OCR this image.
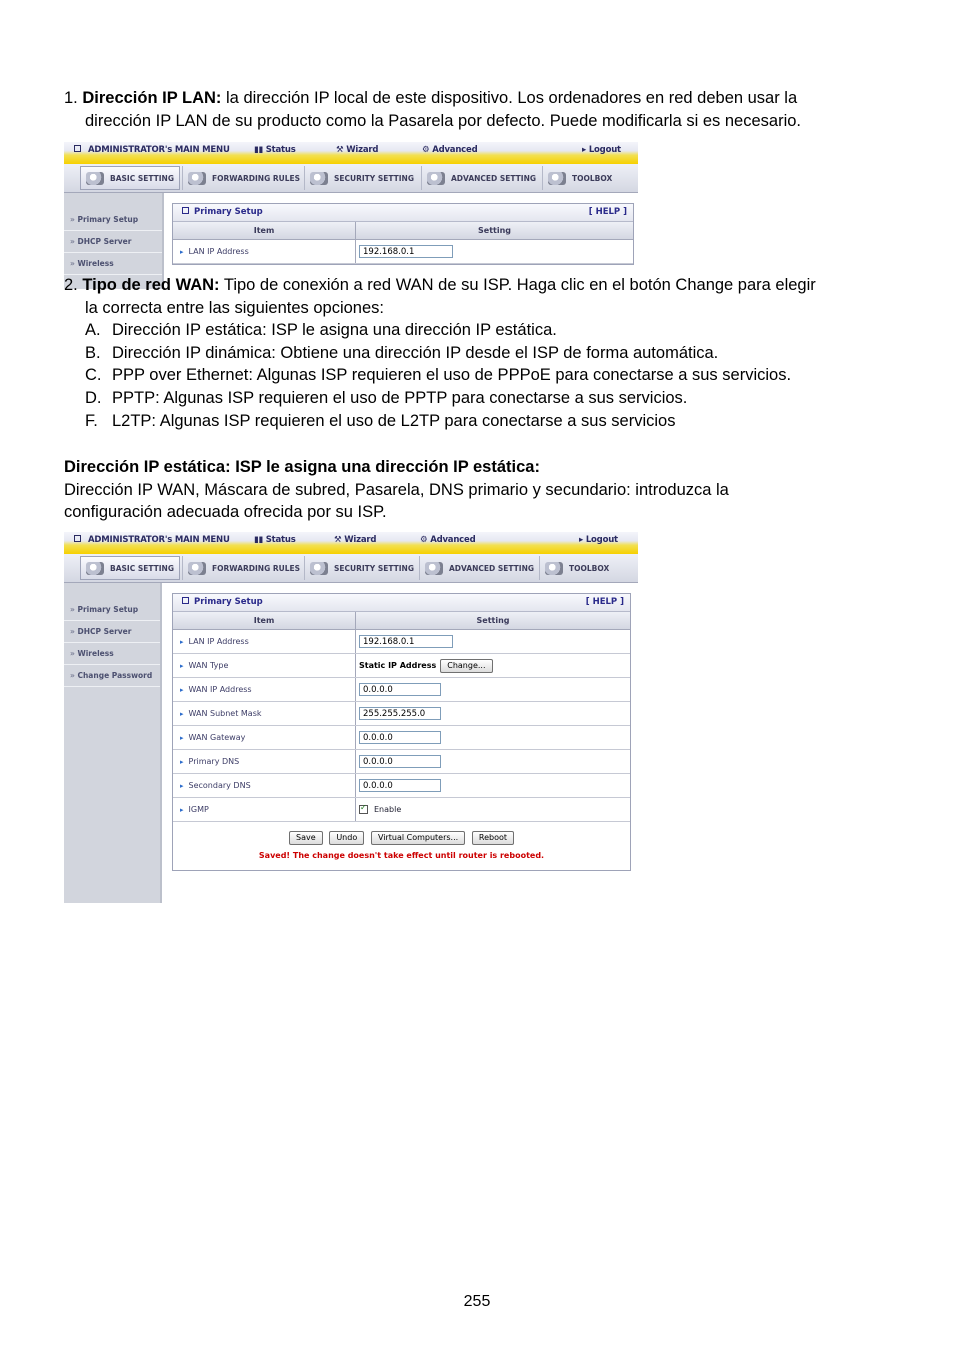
1. Dirección IP LAN: la dirección IP local de este dispositivo. Los ordenadores en red deben usar la
dirección IP LAN de su producto como la Pasarela por defecto. Puede modificarla si es necesario.
ADMINISTRATOR's MAIN MENU	▮▮ Status	⚒ Wizard	⚙ Advanced	▸ Logout
BASIC SETTING	FORWARDING RULES	SECURITY SETTING	ADVANCED SETTING	TOOLBOX
» Primary Setup
» DHCP Server
» Wireless
Primary Setup	[ HELP ]
Item	Setting
▸ LAN IP Address	192.168.0.1
2. Tipo de red WAN: Tipo de conexión a red WAN de su ISP. Haga clic en el botón Change para elegir
la correcta entre las siguientes opciones:
A. Dirección IP estática: ISP le asigna una dirección IP estática.
B. Dirección IP dinámica: Obtiene una dirección IP desde el ISP de forma automática.
C. PPP over Ethernet: Algunas ISP requieren el uso de PPPoE para conectarse a sus servicios.
D. PPTP: Algunas ISP requieren el uso de PPTP para conectarse a sus servicios.
F. L2TP: Algunas ISP requieren el uso de L2TP para conectarse a sus servicios
Dirección IP estática: ISP le asigna una dirección IP estática:
Dirección IP WAN, Máscara de subred, Pasarela, DNS primario y secundario: introduzca la
configuración adecuada ofrecida por su ISP.
ADMINISTRATOR's MAIN MENU	▮▮ Status	⚒ Wizard	⚙ Advanced	▸ Logout
BASIC SETTING	FORWARDING RULES	SECURITY SETTING	ADVANCED SETTING	TOOLBOX
» Primary Setup
» DHCP Server
» Wireless
» Change Password
Primary Setup	[ HELP ]
Item	Setting
▸ LAN IP Address	192.168.0.1
▸ WAN Type	Static IP Address	Change...
▸ WAN IP Address	0.0.0.0
▸ WAN Subnet Mask	255.255.255.0
▸ WAN Gateway	0.0.0.0
▸ Primary DNS	0.0.0.0
▸ Secondary DNS	0.0.0.0
▸ IGMP
✓	Enable
Save	Undo	Virtual Computers...	Reboot
Saved! The change doesn't take effect until router is rebooted.
255
